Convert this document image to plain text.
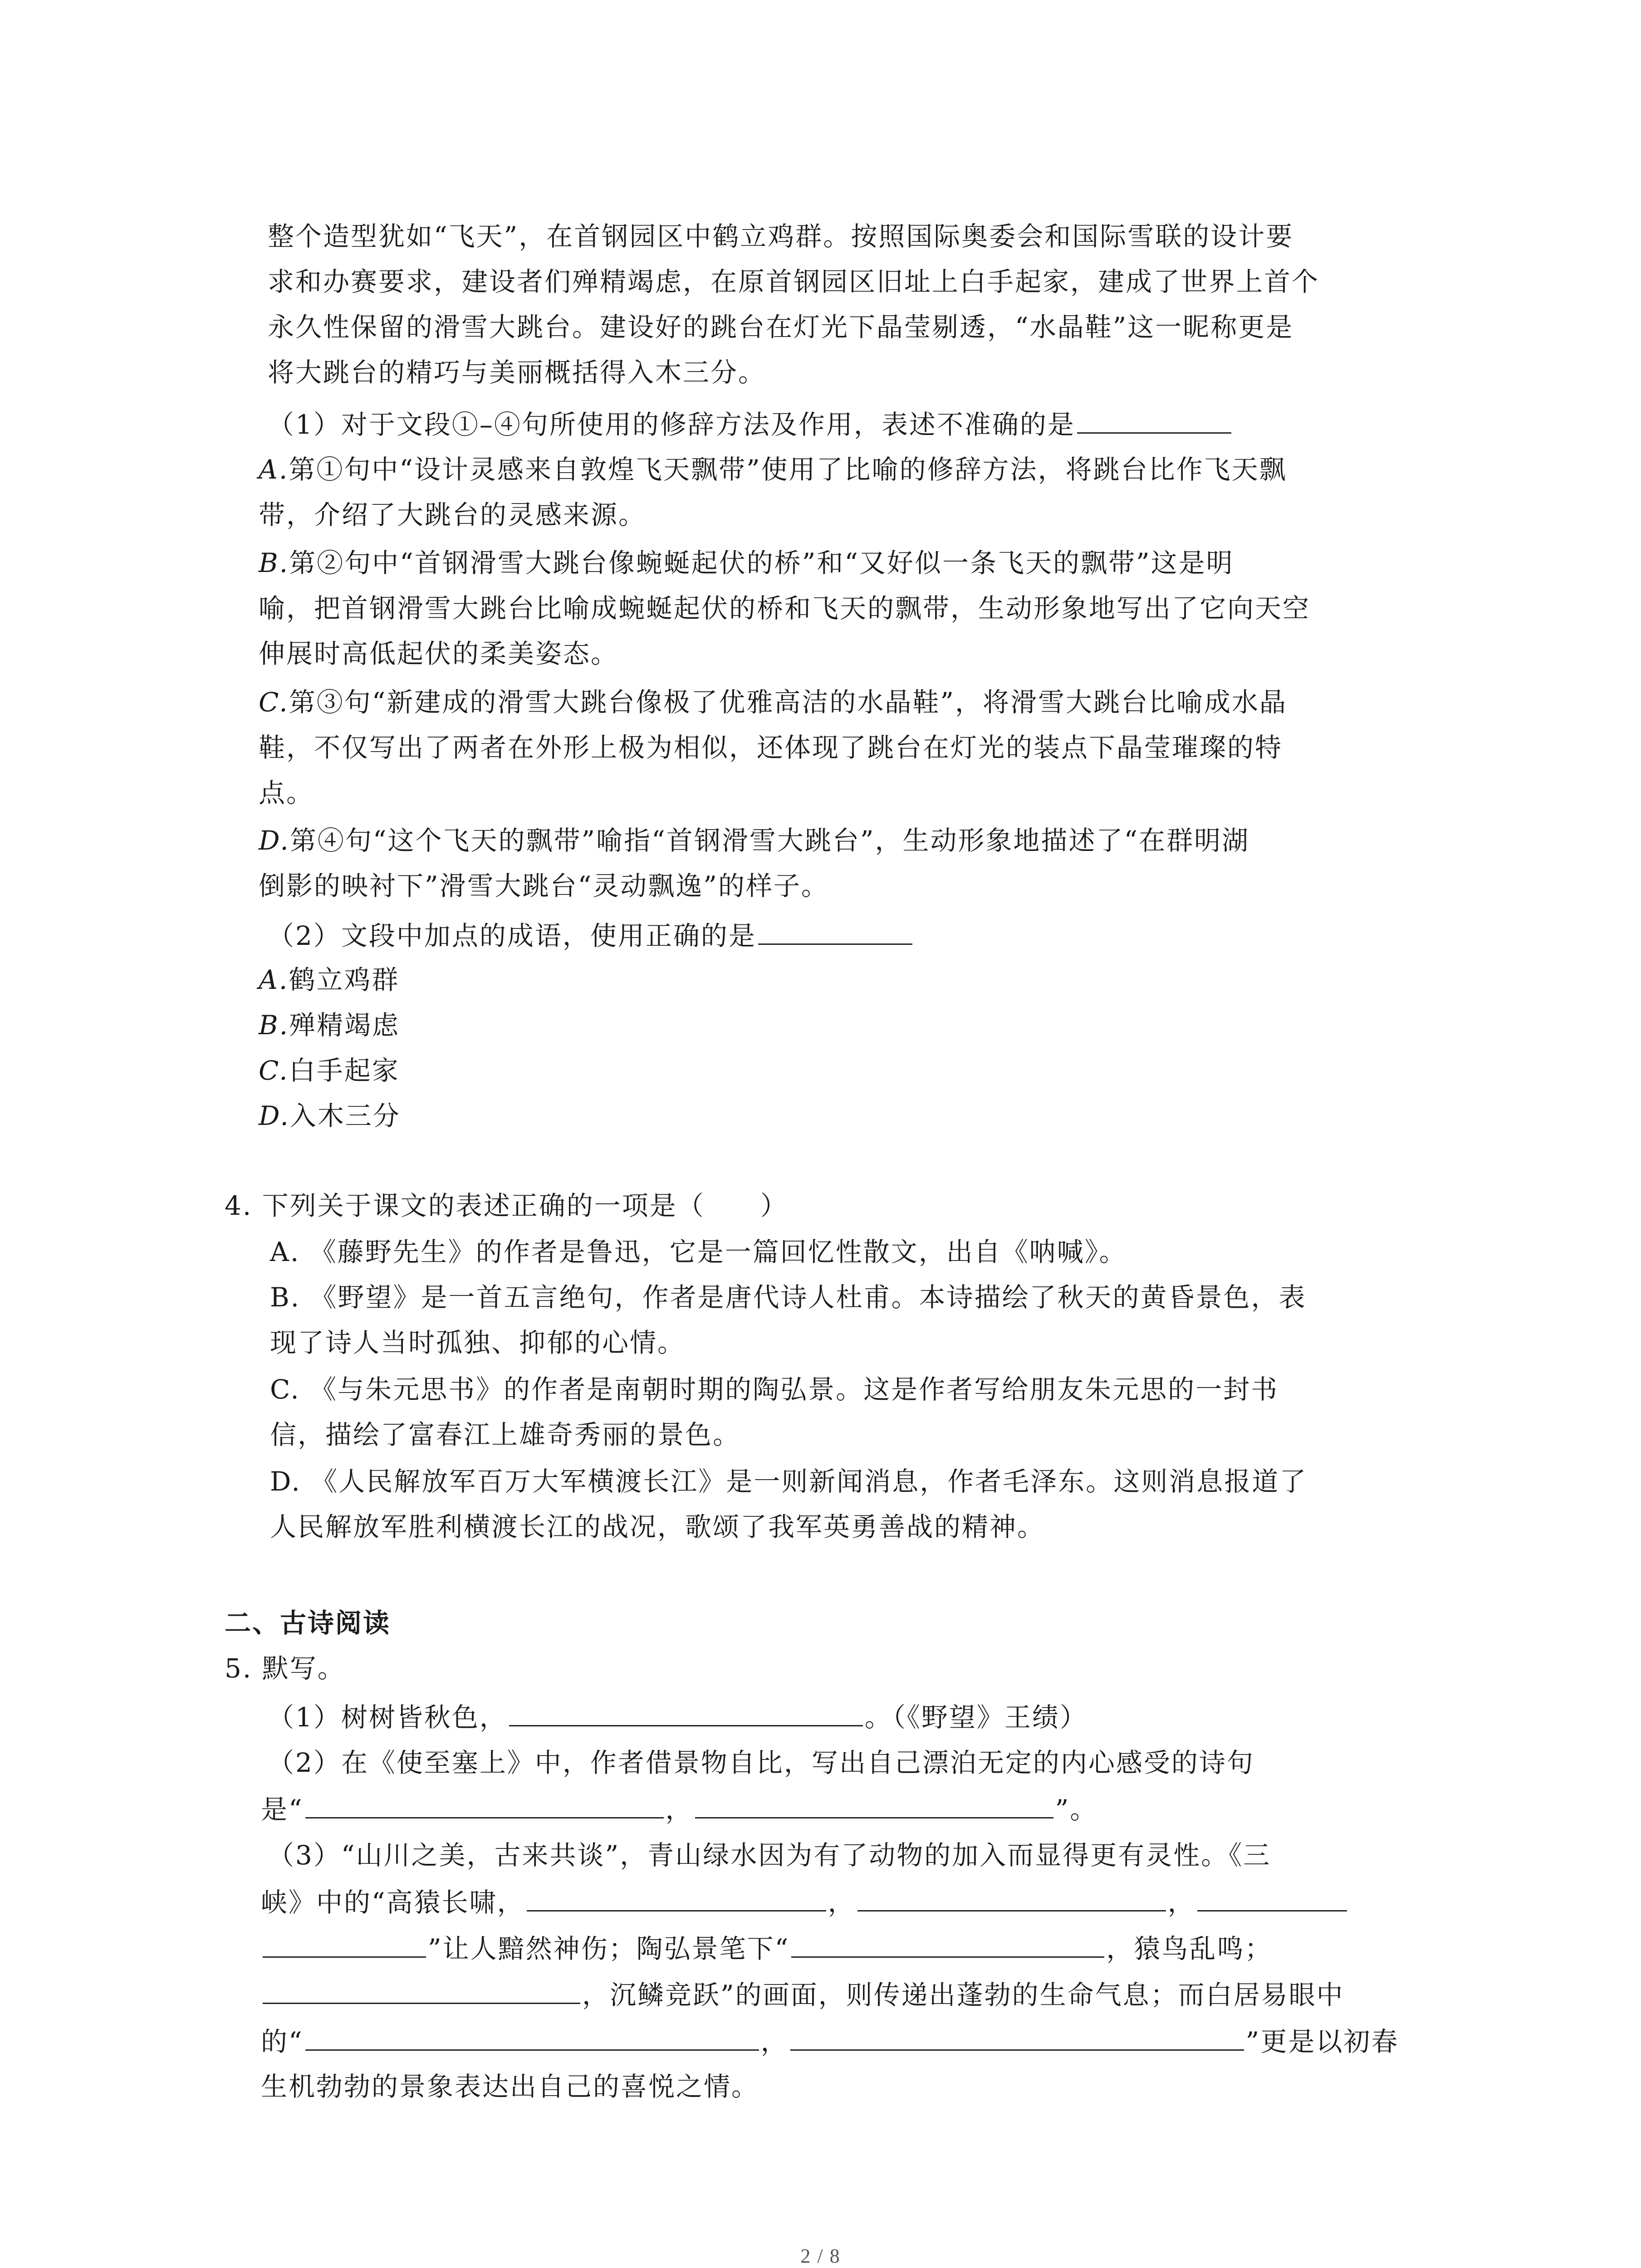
整个造型犹如“飞天”，在首钢园区中鹤立鸡群。按照国际奥委会和国际雪联的设计要
求和办赛要求，建设者们殚精竭虑，在原首钢园区旧址上白手起家，建成了世界上首个
永久性保留的滑雪大跳台。建设好的跳台在灯光下晶莹剔透，“水晶鞋”这一昵称更是
将大跳台的精巧与美丽概括得入木三分。
（1）对于文段①–④句所使用的修辞方法及作用，表述不准确的是
A.第①句中“设计灵感来自敦煌飞天飘带”使用了比喻的修辞方法，将跳台比作飞天飘
带，介绍了大跳台的灵感来源。
B.第②句中“首钢滑雪大跳台像蜿蜒起伏的桥”和“又好似一条飞天的飘带”这是明
喻，把首钢滑雪大跳台比喻成蜿蜒起伏的桥和飞天的飘带，生动形象地写出了它向天空
伸展时高低起伏的柔美姿态。
C.第③句“新建成的滑雪大跳台像极了优雅高洁的水晶鞋”，将滑雪大跳台比喻成水晶
鞋，不仅写出了两者在外形上极为相似，还体现了跳台在灯光的装点下晶莹璀璨的特
点。
D.第④句“这个飞天的飘带”喻指“首钢滑雪大跳台”，生动形象地描述了“在群明湖
倒影的映衬下”滑雪大跳台“灵动飘逸”的样子。
（2）文段中加点的成语，使用正确的是
A.鹤立鸡群
B.殚精竭虑
C.白手起家
D.入木三分
4. 下列关于课文的表述正确的一项是（　　）
A. 《藤野先生》的作者是鲁迅，它是一篇回忆性散文，出自《呐喊》。
B. 《野望》是一首五言绝句，作者是唐代诗人杜甫。本诗描绘了秋天的黄昏景色，表
现了诗人当时孤独、抑郁的心情。
C. 《与朱元思书》的作者是南朝时期的陶弘景。这是作者写给朋友朱元思的一封书
信，描绘了富春江上雄奇秀丽的景色。
D. 《人民解放军百万大军横渡长江》是一则新闻消息，作者毛泽东。这则消息报道了
人民解放军胜利横渡长江的战况，歌颂了我军英勇善战的精神。
二、古诗阅读
5. 默写。
（1）树树皆秋色，	。（《野望》王绩）
（2）在《使至塞上》中，作者借景物自比，写出自己漂泊无定的内心感受的诗句
是“	，	”。
（3）“山川之美，古来共谈”，青山绿水因为有了动物的加入而显得更有灵性。《三
峡》中的“高猿长啸，	，	，
”让人黯然神伤；陶弘景笔下“	，猿鸟乱鸣；
，沉鳞竞跃”的画面，则传递出蓬勃的生命气息；而白居易眼中
的“	，	”更是以初春
生机勃勃的景象表达出自己的喜悦之情。
2 / 8
